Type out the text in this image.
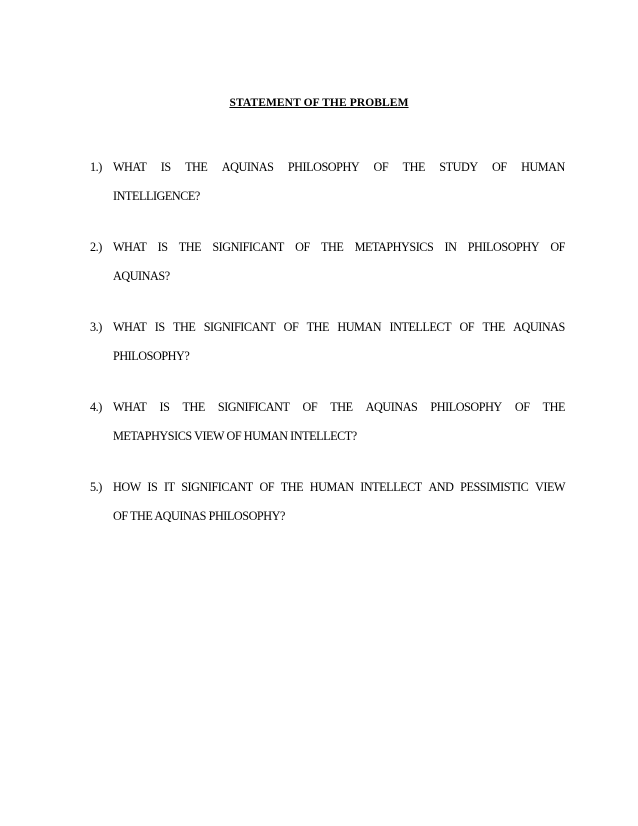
STATEMENT OF THE PROBLEM
1.) WHAT IS THE AQUINAS PHILOSOPHY OF THE STUDY OF HUMAN
INTELLIGENCE?
2.) WHAT IS THE SIGNIFICANT OF THE METAPHYSICS IN PHILOSOPHY OF
AQUINAS?
3.) WHAT IS THE SIGNIFICANT OF THE HUMAN INTELLECT OF THE AQUINAS
PHILOSOPHY?
4.) WHAT IS THE SIGNIFICANT OF THE AQUINAS PHILOSOPHY OF THE
METAPHYSICS VIEW OF HUMAN INTELLECT?
5.) HOW IS IT SIGNIFICANT OF THE HUMAN INTELLECT AND PESSIMISTIC VIEW
OF THE AQUINAS PHILOSOPHY?
